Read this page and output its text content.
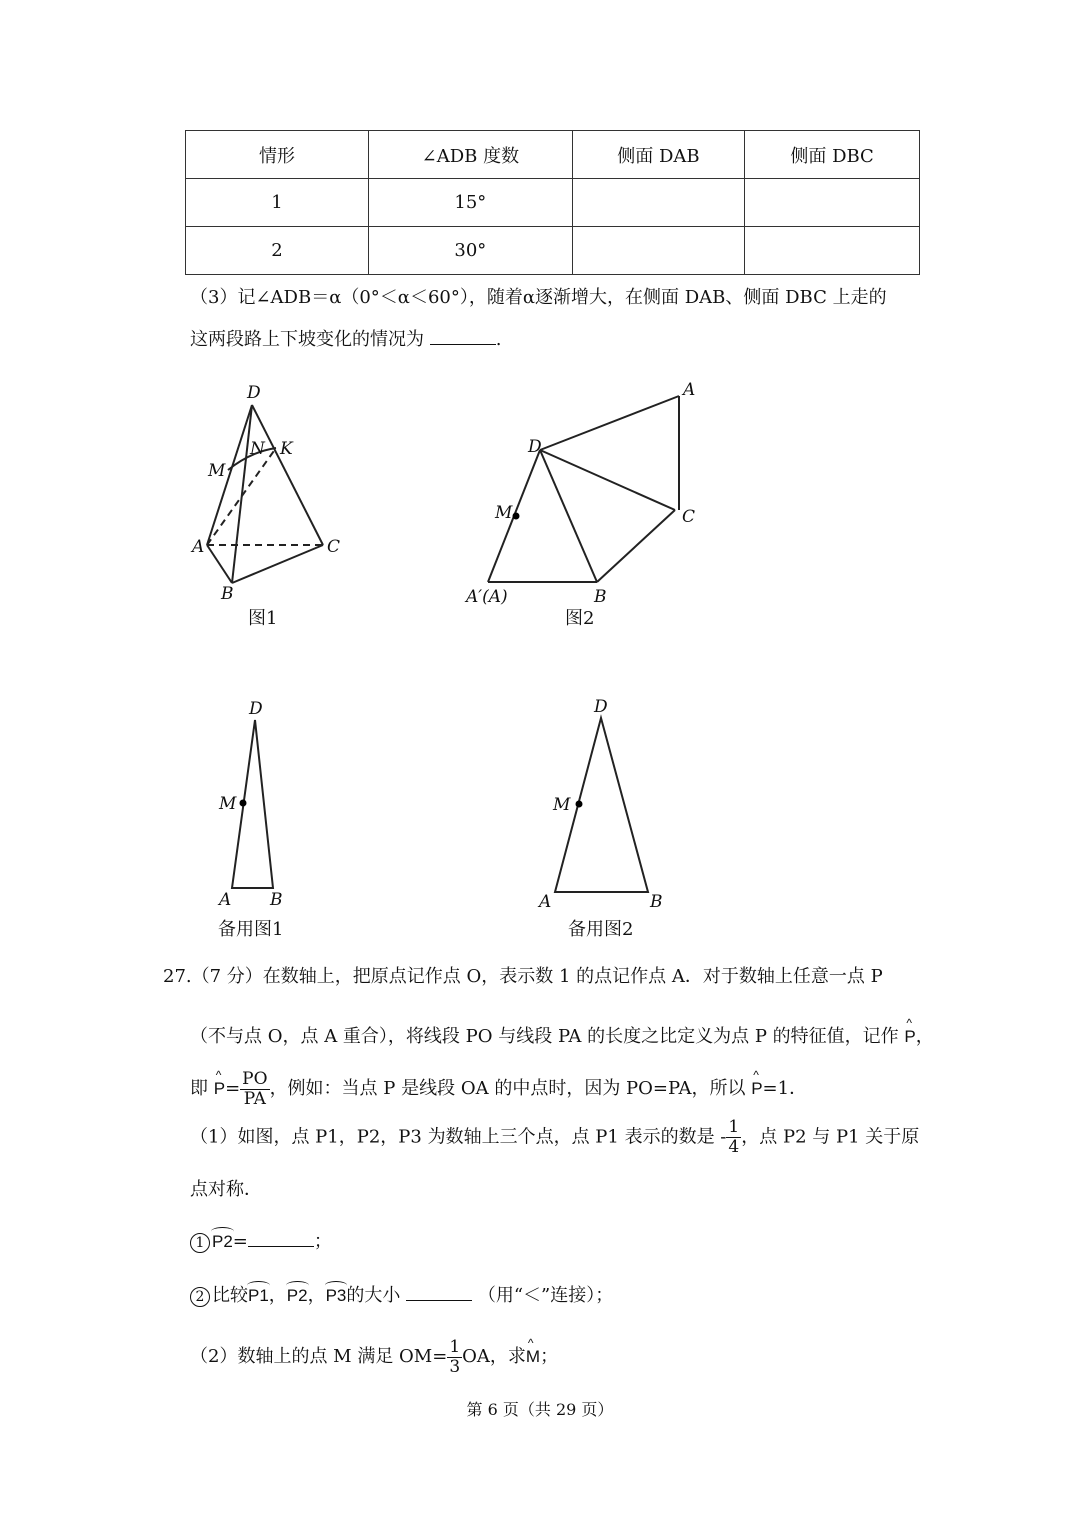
情形	∠ADB 度数	侧面 DAB	侧面 DBC
1	15°		
2	30°		
（3）记∠ADB＝α（0°＜α＜60°），随着α逐渐增大，在侧面 DAB、侧面 DBC 上走的
这两段路上下坡变化的情况为	.
D
N K
M
A	C
B
A
D
M	C
A′(A)	B
D
M
A B
D
M
A	B
图1	图2
备用图1	备用图2
27.（7 分）在数轴上，把原点记作点 O，表示数 1 的点记作点 A．对于数轴上任意一点 P
（不与点 O，点 A 重合），将线段 PO 与线段 PA 的长度之比定义为点 P 的特征值，记作 ^ P，
即 ^ $P= \frac{PO}{PA}$ ，例如：当点 P 是线段 OA 的中点时，因为 PO=PA，所以 ^ P=1．
（1）如图，点 P1，P2，P3 为数轴上三个点，点 P1 表示的数是 - $\frac{1}{4}$ ，点 P2 与 P1 关于原
点对称．
1 P2=	；
2 比较P1，P2，P3的大小	（用“＜”连接）；
（2）数轴上的点 M 满足 $OM= \frac{1}{3}$ OA，求^ M；
第 6 页（共 29 页）
